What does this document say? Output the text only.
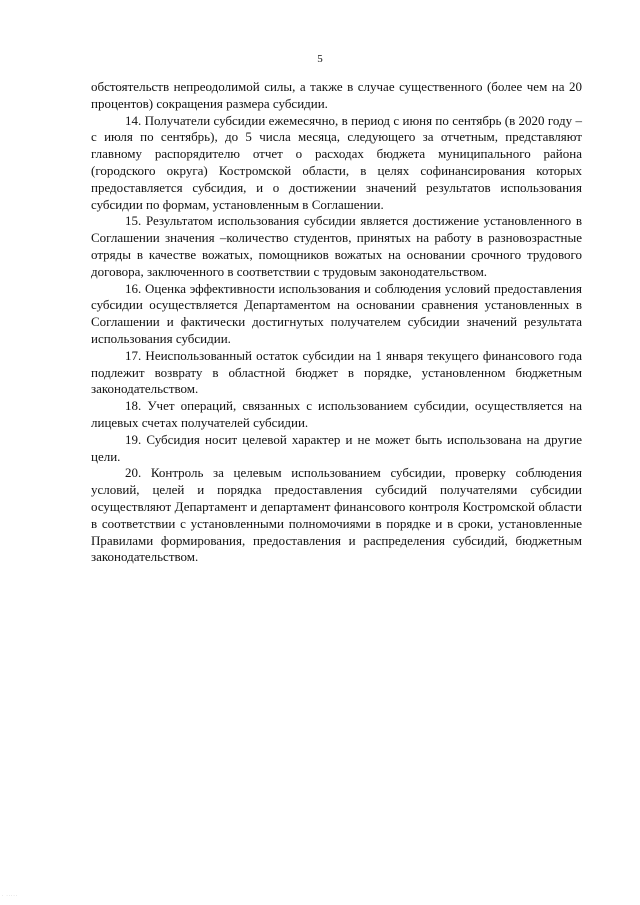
5

обстоятельств непреодолимой силы, а также в случае существенного (более чем на 20 процентов) сокращения размера субсидии.

14. Получатели субсидии ежемесячно, в период с июня по сентябрь (в 2020 году – с июля по сентябрь), до 5 числа месяца, следующего за отчетным, представляют главному распорядителю отчет о расходах бюджета муниципального района (городского округа) Костромской области, в целях софинансирования которых предоставляется субсидия, и о достижении значений результатов использования субсидии по формам, установленным в Соглашении.

15. Результатом использования субсидии является достижение установленного в Соглашении значения –количество студентов, принятых на работу в разновозрастные отряды в качестве вожатых, помощников вожатых на основании срочного трудового договора, заключенного в соответствии с трудовым законодательством.

16. Оценка эффективности использования и соблюдения условий предоставления субсидии осуществляется Департаментом на основании сравнения установленных в Соглашении и фактически достигнутых получателем субсидии значений результата использования субсидии.

17. Неиспользованный остаток субсидии на 1 января текущего финансового года подлежит возврату в областной бюджет в порядке, установленном бюджетным законодательством.

18. Учет операций, связанных с использованием субсидии, осуществляется на лицевых счетах получателей субсидии.

19. Субсидия носит целевой характер и не может быть использована на другие цели.

20. Контроль за целевым использованием субсидии, проверку соблюдения условий, целей и порядка предоставления субсидий получателями субсидии осуществляют Департамент и департамент финансового контроля Костромской области в соответствии с установленными полномочиями в порядке и в сроки, установленные Правилами формирования, предоставления и распределения субсидий, бюджетным законодательством.

· ·····
